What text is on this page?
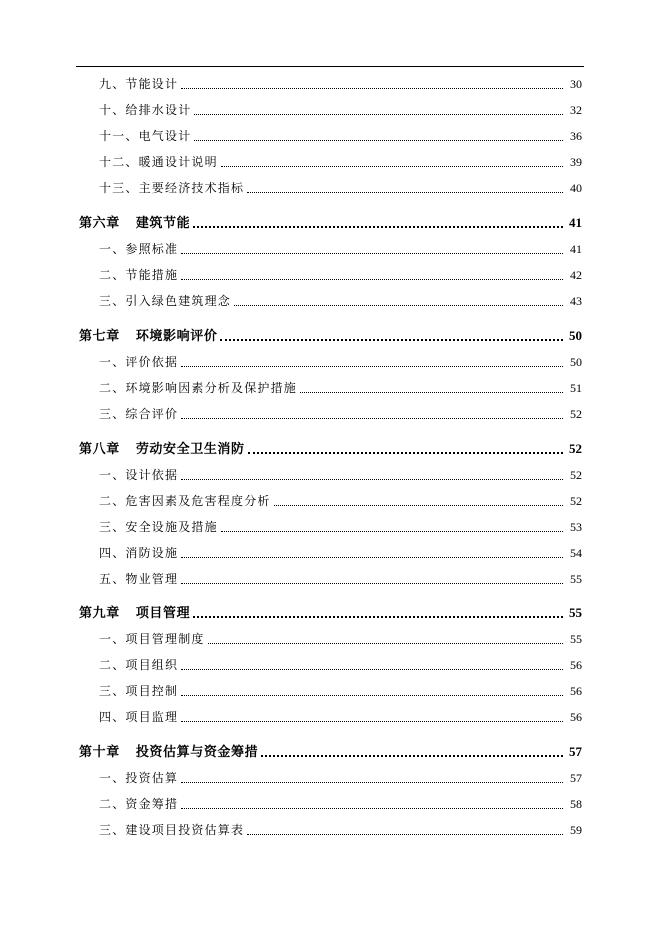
九、节能设计	30
十、给排水设计	32
十一、电气设计	36
十二、暖通设计说明	39
十三、主要经济技术指标	40
第六章 建筑节能	41
一、参照标准	41
二、节能措施	42
三、引入绿色建筑理念	43
第七章 环境影响评价	50
一、评价依据	50
二、环境影响因素分析及保护措施	51
三、综合评价	52
第八章 劳动安全卫生消防	52
一、设计依据	52
二、危害因素及危害程度分析	52
三、安全设施及措施	53
四、消防设施	54
五、物业管理	55
第九章 项目管理	55
一、项目管理制度	55
二、项目组织	56
三、项目控制	56
四、项目监理	56
第十章 投资估算与资金筹措	57
一、投资估算	57
二、资金筹措	58
三、建设项目投资估算表	59
